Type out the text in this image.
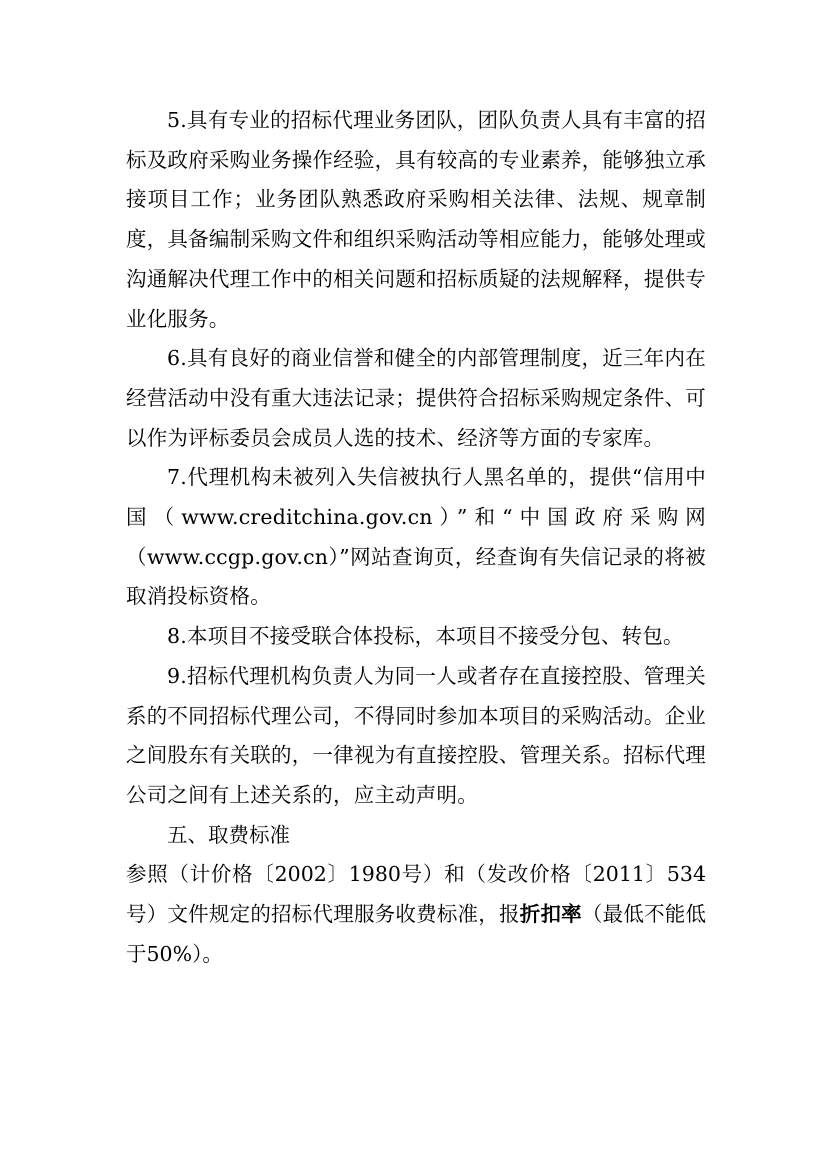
5.具有专业的招标代理业务团队，团队负责人具有丰富的招标及政府采购业务操作经验，具有较高的专业素养，能够独立承接项目工作；业务团队熟悉政府采购相关法律、法规、规章制度，具备编制采购文件和组织采购活动等相应能力，能够处理或沟通解决代理工作中的相关问题和招标质疑的法规解释，提供专业化服务。

6.具有良好的商业信誉和健全的内部管理制度，近三年内在经营活动中没有重大违法记录；提供符合招标采购规定条件、可以作为评标委员会成员人选的技术、经济等方面的专家库。

7.代理机构未被列入失信被执行人黑名单的，提供“信用中国（www.creditchina.gov.cn）”和“中国政府采购网（www.ccgp.gov.cn）”网站查询页，经查询有失信记录的将被取消投标资格。

8.本项目不接受联合体投标，本项目不接受分包、转包。

9.招标代理机构负责人为同一人或者存在直接控股、管理关系的不同招标代理公司，不得同时参加本项目的采购活动。企业之间股东有关联的，一律视为有直接控股、管理关系。招标代理公司之间有上述关系的，应主动声明。

五、取费标准

参照（计价格〔2002〕1980号）和（发改价格〔2011〕534号）文件规定的招标代理服务收费标准，报折扣率（最低不能低于50%）。
